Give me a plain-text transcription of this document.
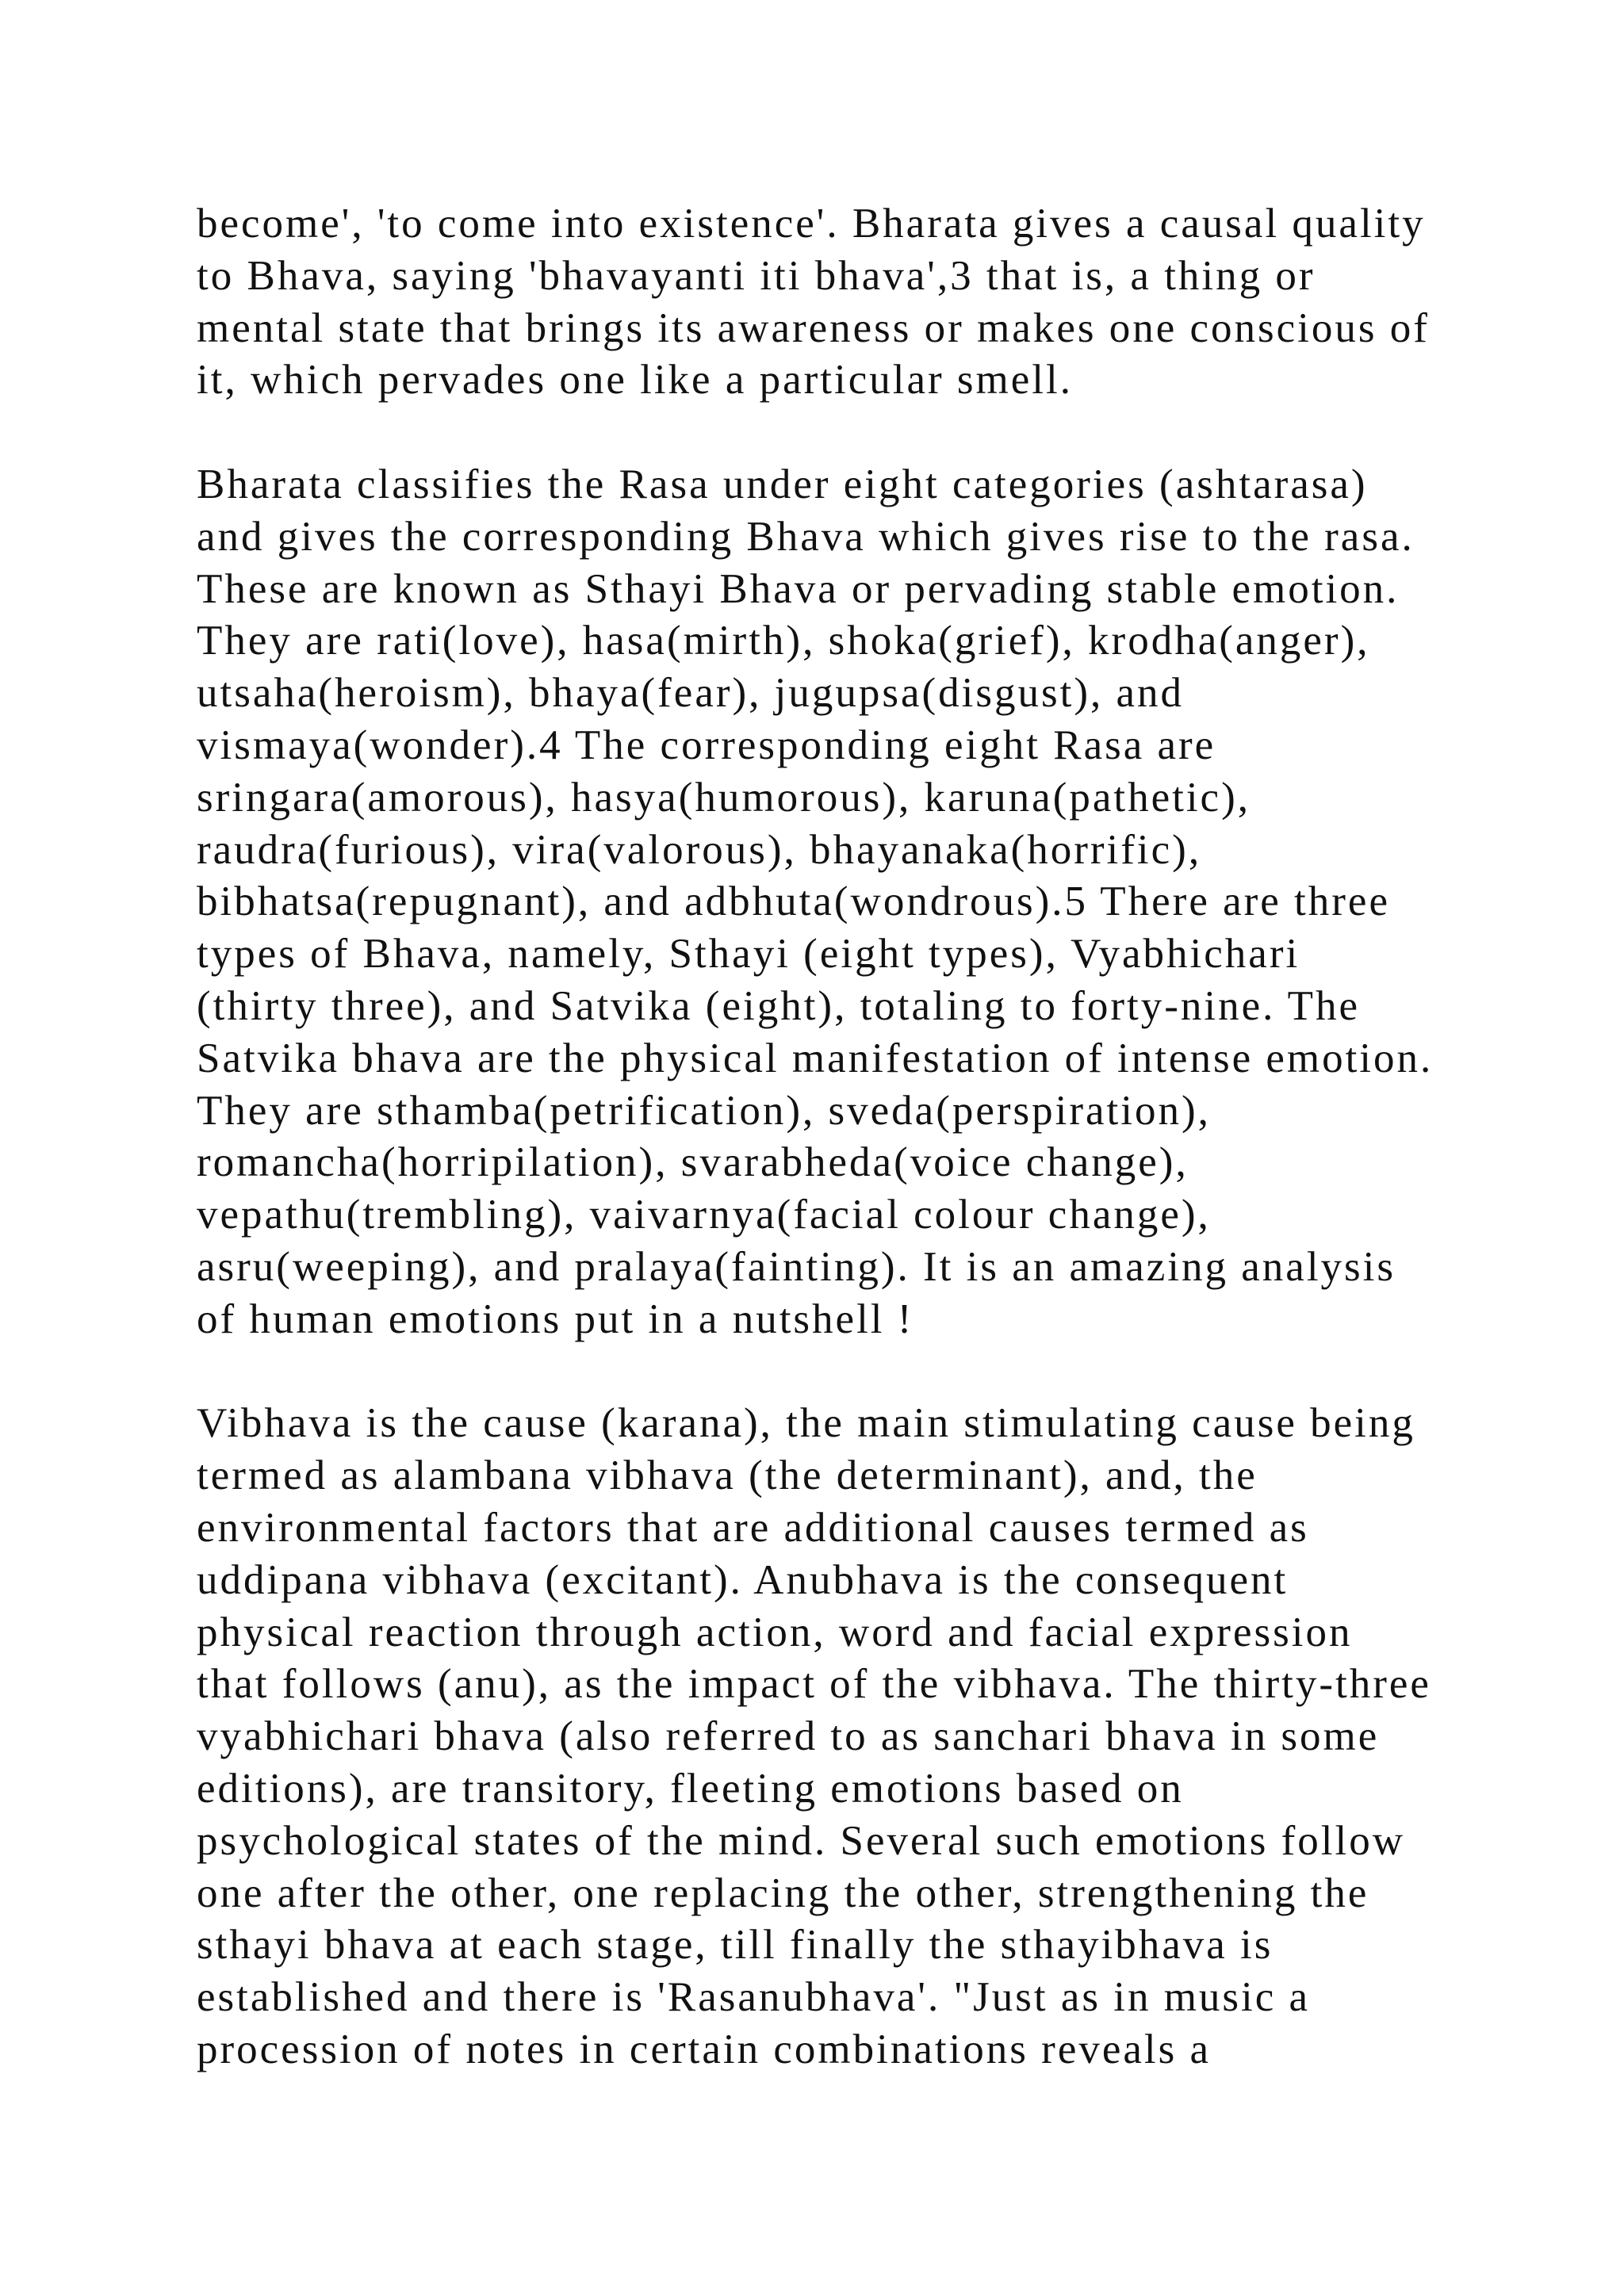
become', 'to come into existence'. Bharata gives a causal quality
to Bhava, saying 'bhavayanti iti bhava',3 that is, a thing or
mental state that brings its awareness or makes one conscious of
it, which pervades one like a particular smell.
Bharata classifies the Rasa under eight categories (ashtarasa)
and gives the corresponding Bhava which gives rise to the rasa.
These are known as Sthayi Bhava or pervading stable emotion.
They are rati(love), hasa(mirth), shoka(grief), krodha(anger),
utsaha(heroism), bhaya(fear), jugupsa(disgust), and
vismaya(wonder).4 The corresponding eight Rasa are
sringara(amorous), hasya(humorous), karuna(pathetic),
raudra(furious), vira(valorous), bhayanaka(horrific),
bibhatsa(repugnant), and adbhuta(wondrous).5 There are three
types of Bhava, namely, Sthayi (eight types), Vyabhichari
(thirty three), and Satvika (eight), totaling to forty-nine. The
Satvika bhava are the physical manifestation of intense emotion.
They are sthamba(petrification), sveda(perspiration),
romancha(horripilation), svarabheda(voice change),
vepathu(trembling), vaivarnya(facial colour change),
asru(weeping), and pralaya(fainting). It is an amazing analysis
of human emotions put in a nutshell !
Vibhava is the cause (karana), the main stimulating cause being
termed as alambana vibhava (the determinant), and, the
environmental factors that are additional causes termed as
uddipana vibhava (excitant). Anubhava is the consequent
physical reaction through action, word and facial expression
that follows (anu), as the impact of the vibhava. The thirty-three
vyabhichari bhava (also referred to as sanchari bhava in some
editions), are transitory, fleeting emotions based on
psychological states of the mind. Several such emotions follow
one after the other, one replacing the other, strengthening the
sthayi bhava at each stage, till finally the sthayibhava is
established and there is 'Rasanubhava'. "Just as in music a
procession of notes in certain combinations reveals a
